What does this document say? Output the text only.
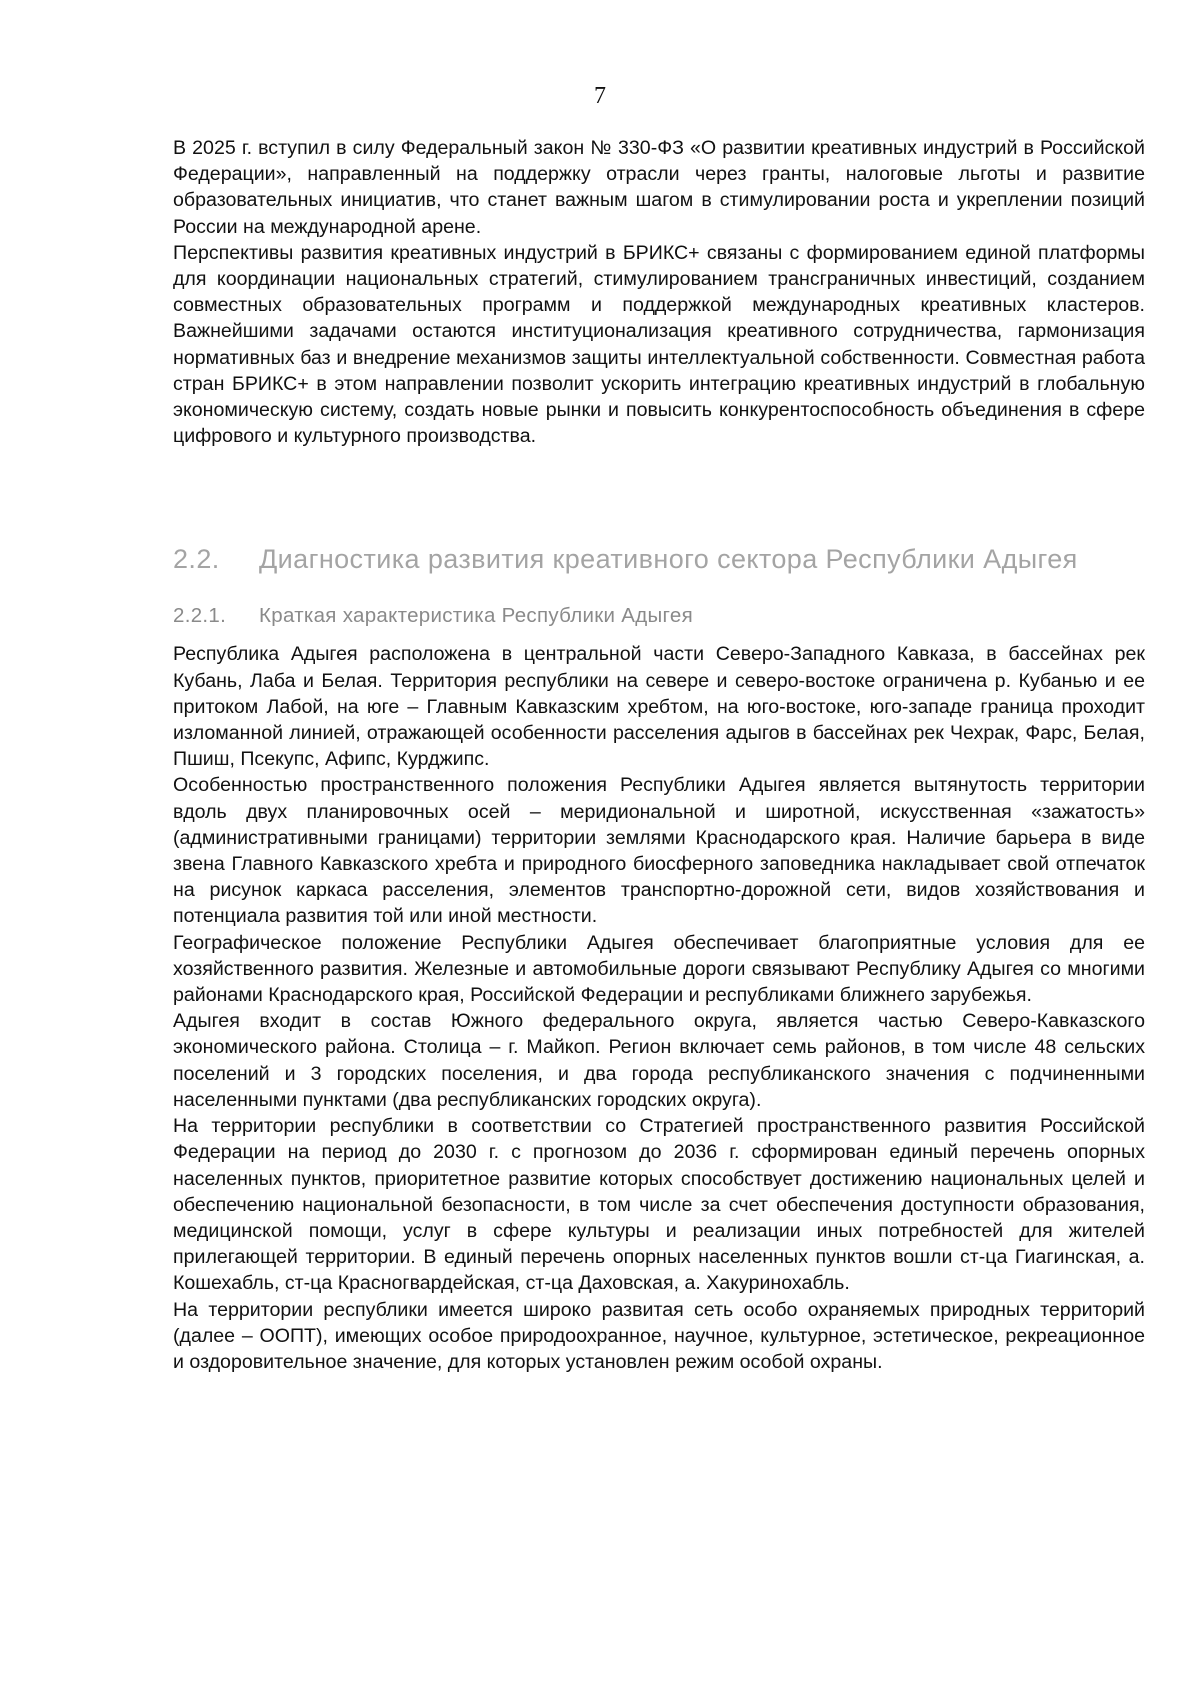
7

В 2025 г. вступил в силу Федеральный закон № 330-ФЗ «О развитии креативных индустрий в Российской Федерации», направленный на поддержку отрасли через гранты, налоговые льготы и развитие образовательных инициатив, что станет важным шагом в стимулировании роста и укреплении позиций России на международной арене.

Перспективы развития креативных индустрий в БРИКС+ связаны с формированием единой платформы для координации национальных стратегий, стимулированием трансграничных инвестиций, созданием совместных образовательных программ и поддержкой международных креативных кластеров. Важнейшими задачами остаются институционализация креативного сотрудничества, гармонизация нормативных баз и внедрение механизмов защиты интеллектуальной собственности. Совместная работа стран БРИКС+ в этом направлении позволит ускорить интеграцию креативных индустрий в глобальную экономическую систему, создать новые рынки и повысить конкурентоспособность объединения в сфере цифрового и культурного производства.

2.2.	Диагностика развития креативного сектора Республики Адыгея
2.2.1.	Краткая характеристика Республики Адыгея

Республика Адыгея расположена в центральной части Северо-Западного Кавказа, в бассейнах рек Кубань, Лаба и Белая. Территория республики на севере и северо-востоке ограничена р. Кубанью и ее притоком Лабой, на юге – Главным Кавказским хребтом, на юго-востоке, юго-западе граница проходит изломанной линией, отражающей особенности расселения адыгов в бассейнах рек Чехрак, Фарс, Белая, Пшиш, Псекупс, Афипс, Курджипс.

Особенностью пространственного положения Республики Адыгея является вытянутость территории вдоль двух планировочных осей – меридиональной и широтной, искусственная «зажатость» (административными границами) территории землями Краснодарского края. Наличие барьера в виде звена Главного Кавказского хребта и природного биосферного заповедника накладывает свой отпечаток на рисунок каркаса расселения, элементов транспортно-дорожной сети, видов хозяйствования и потенциала развития той или иной местности.

Географическое положение Республики Адыгея обеспечивает благоприятные условия для ее хозяйственного развития. Железные и автомобильные дороги связывают Республику Адыгея со многими районами Краснодарского края, Российской Федерации и республиками ближнего зарубежья.

Адыгея входит в состав Южного федерального округа, является частью Северо-Кавказского экономического района. Столица – г. Майкоп. Регион включает семь районов, в том числе 48 сельских поселений и 3 городских поселения, и два города республиканского значения с подчиненными населенными пунктами (два республиканских городских округа).

На территории республики в соответствии со Стратегией пространственного развития Российской Федерации на период до 2030 г. с прогнозом до 2036 г. сформирован единый перечень опорных населенных пунктов, приоритетное развитие которых способствует достижению национальных целей и обеспечению национальной безопасности, в том числе за счет обеспечения доступности образования, медицинской помощи, услуг в сфере культуры и реализации иных потребностей для жителей прилегающей территории. В единый перечень опорных населенных пунктов вошли ст-ца Гиагинская, а. Кошехабль, ст-ца Красногвардейская, ст-ца Даховская, а. Хакуринохабль.

На территории республики имеется широко развитая сеть особо охраняемых природных территорий (далее – ООПТ), имеющих особое природоохранное, научное, культурное, эстетическое, рекреационное и оздоровительное значение, для которых установлен режим особой охраны.
